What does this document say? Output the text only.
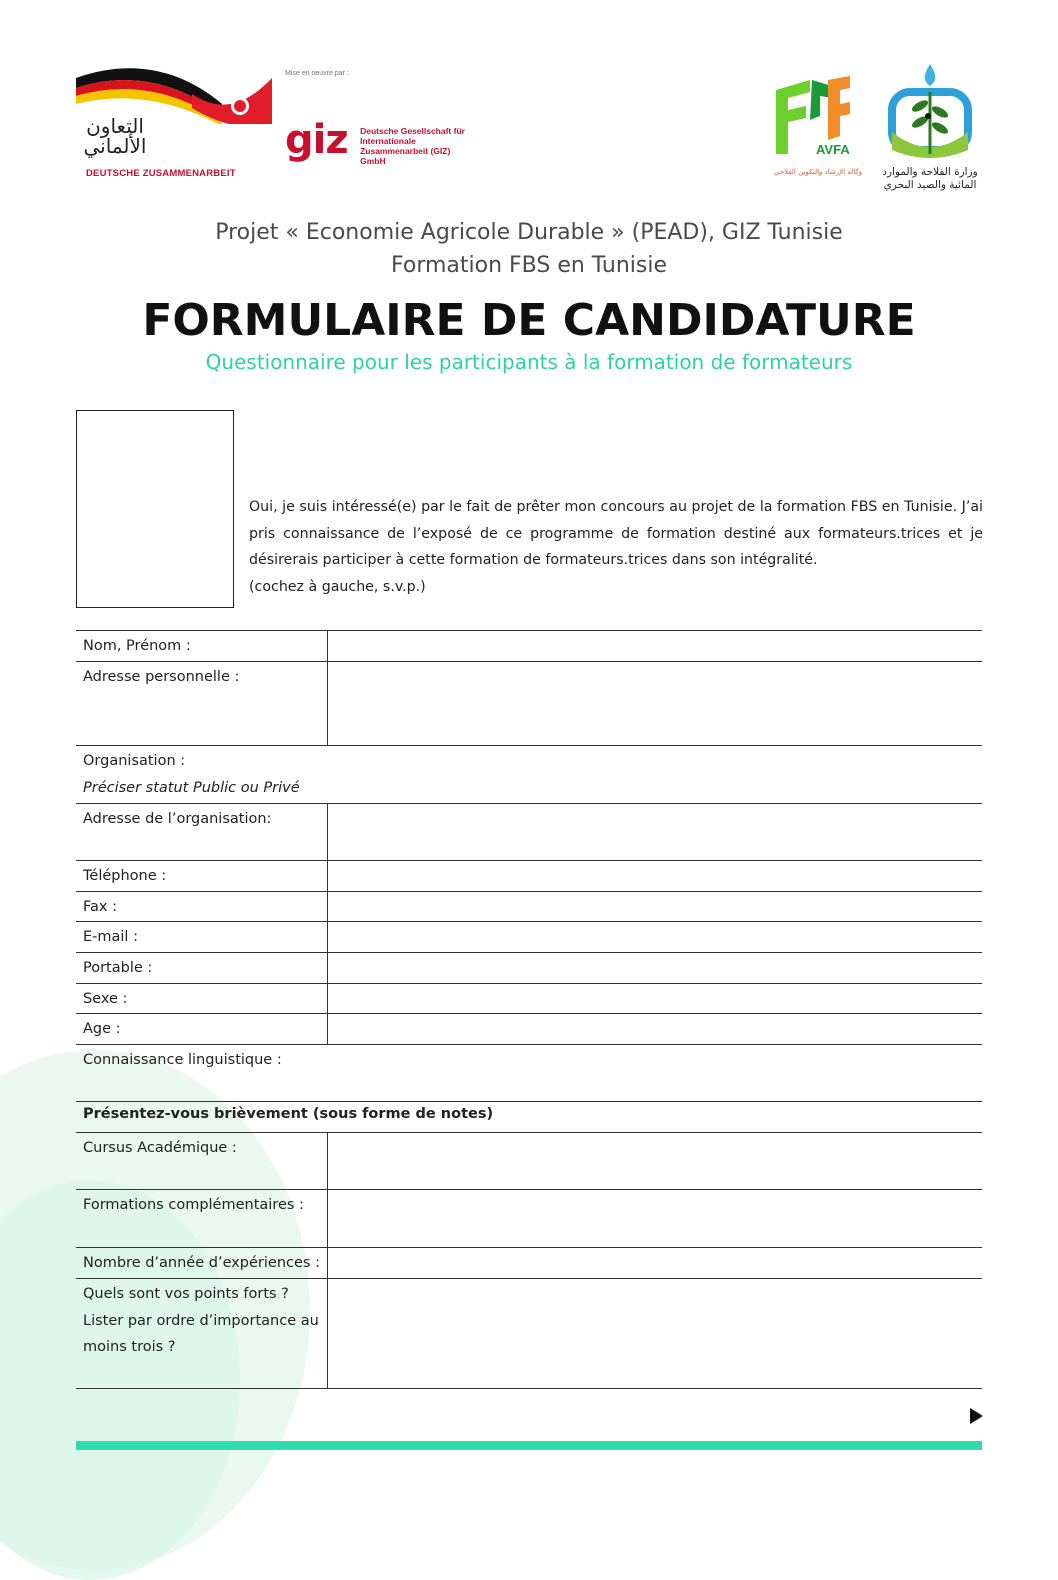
التعاون الألماني
DEUTSCHE ZUSAMMENARBEIT
Mise en oeuvre par :
giz Deutsche Gesellschaft für Internationale Zusammenarbeit (GIZ) GmbH
AVFA
وكالة الإرشاد والتكوين الفلاحي	وزارة الفلاحة والموارد المائية والصيد البحري
Projet « Economie Agricole Durable » (PEAD), GIZ Tunisie
Formation FBS en Tunisie
FORMULAIRE DE CANDIDATURE
Questionnaire pour les participants à la formation de formateurs
Oui, je suis intéressé(e) par le fait de prêter mon concours au projet de la formation FBS en Tunisie. J’ai pris connaissance de l’exposé de ce programme de formation destiné aux formateurs.trices et je désirerais participer à cette formation de formateurs.trices dans son intégralité.
(cochez à gauche, s.v.p.)
Nom, Prénom :	
Adresse personnelle :	
Organisation :
Préciser statut Public ou Privé	

Adresse de l’organisation:	
Téléphone :	
Fax :	
E-mail :	
Portable :	
Sexe :	
Age :	
Connaissance linguistique :	
Présentez-vous brièvement (sous forme de notes)	
Cursus Académique :	
Formations complémentaires :	
Nombre d’année d’expériences :	
Quels sont vos points forts ? Lister par ordre d’importance au moins trois ?	
